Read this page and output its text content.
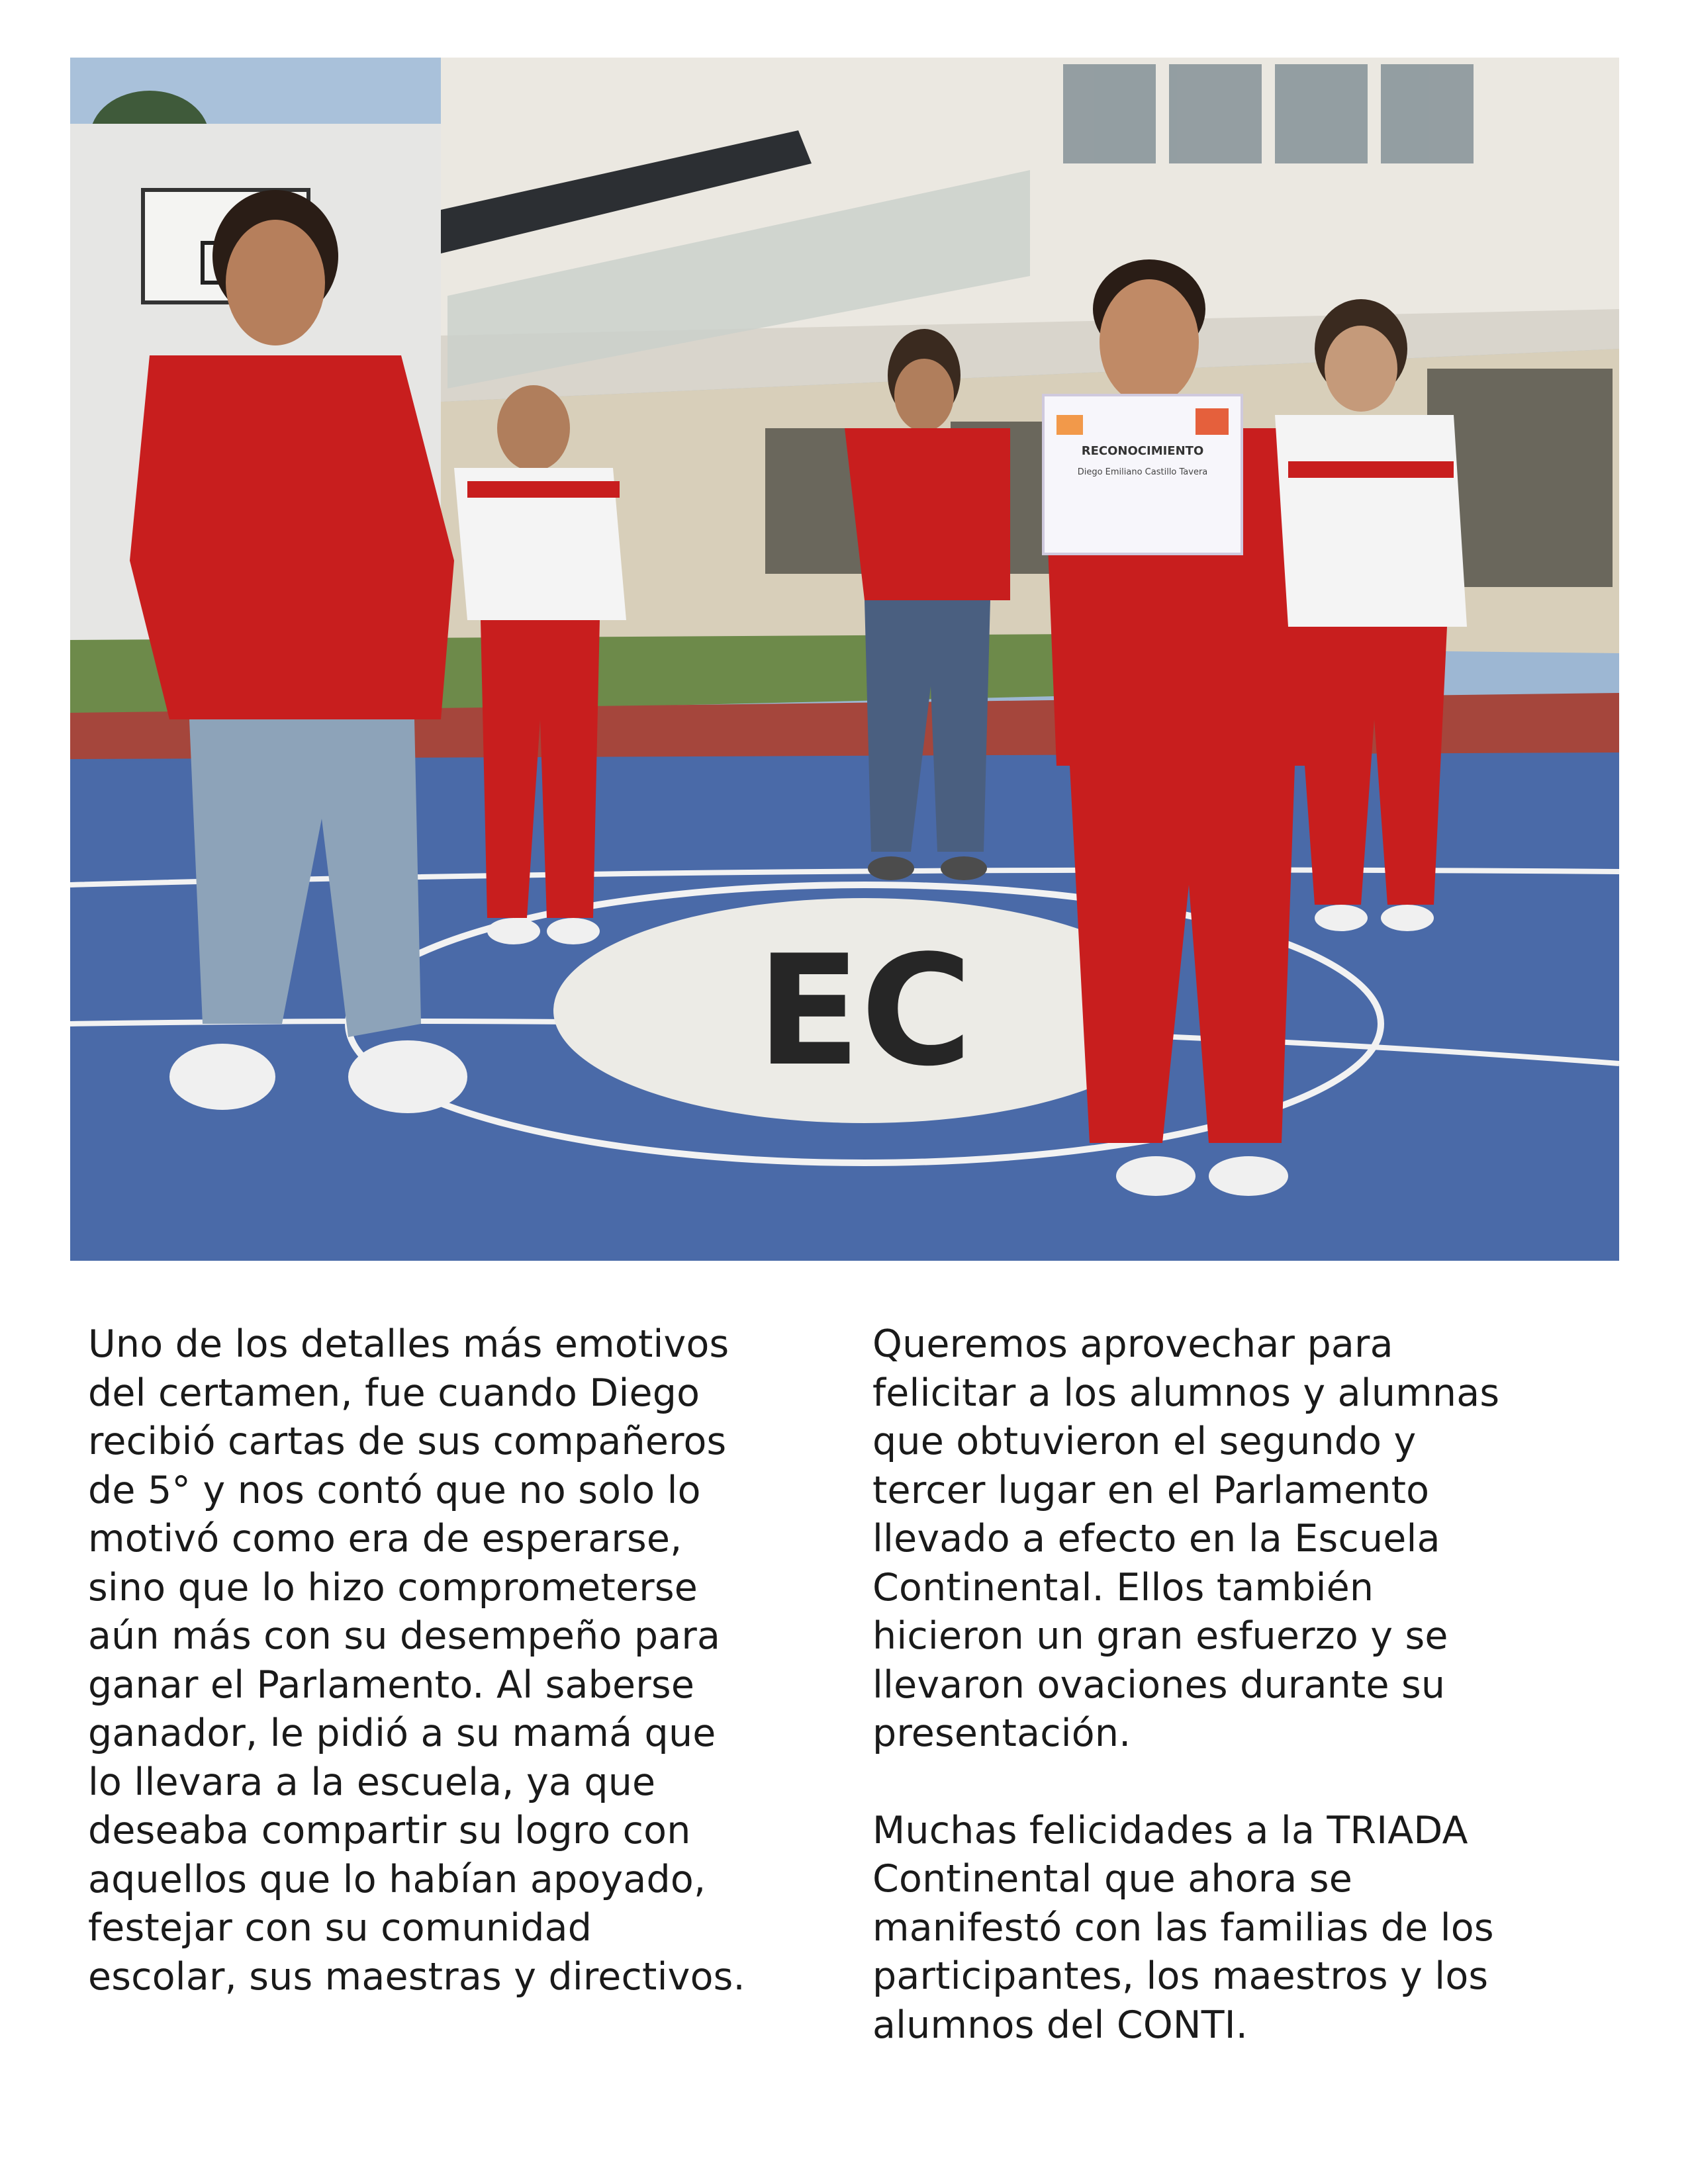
EC
RECONOCIMIENTO
Diego Emiliano Castillo Tavera

Uno de los detalles más emotivos
del certamen, fue cuando Diego
recibió cartas de sus compañeros
de 5° y nos contó que no solo lo
motivó como era de esperarse,
sino que lo hizo comprometerse
aún más con su desempeño para
ganar el Parlamento. Al saberse
ganador, le pidió a su mamá que
lo llevara a la escuela, ya que
deseaba compartir su logro con
aquellos que lo habían apoyado,
festejar con su comunidad
escolar, sus maestras y directivos.

Queremos aprovechar para
felicitar a los alumnos y alumnas
que obtuvieron el segundo y
tercer lugar en el Parlamento
llevado a efecto en la Escuela
Continental. Ellos también
hicieron un gran esfuerzo y se
llevaron ovaciones durante su
presentación.

Muchas felicidades a la TRIADA
Continental que ahora se
manifestó con las familias de los
participantes, los maestros y los
alumnos del CONTI.
